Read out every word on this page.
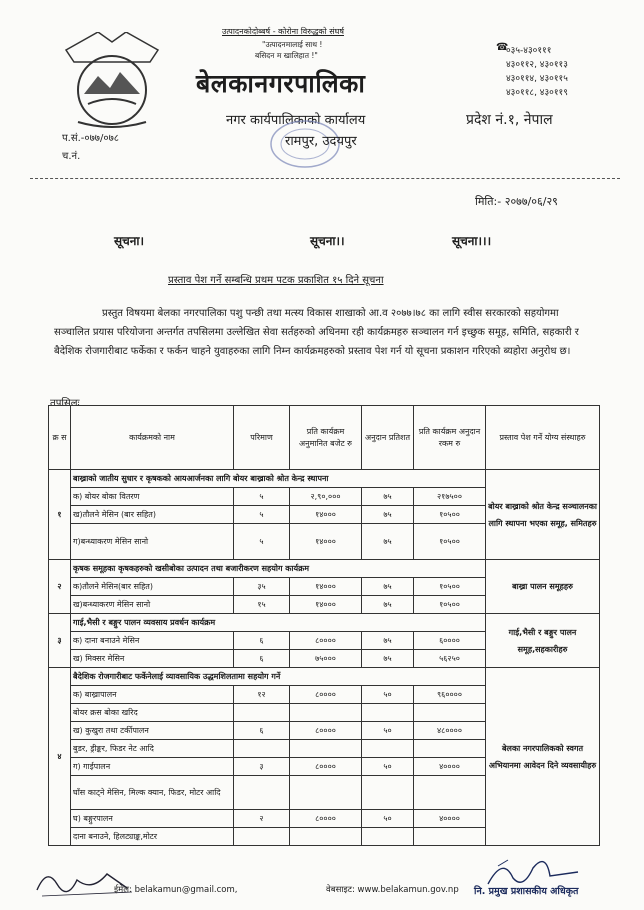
उत्पादनकोदोब्बर्ष - कोरोना विरुद्धको संघर्ष
"उत्पादनमालाई साथ !
बसिदन म खालिहात !"
बेलकानगरपालिका
नगर कार्यपालिकाको कार्यालय
रामपुर, उदयपुर
☎
०३५-४३०१११
४३०११२, ४३०११३
४३०११४, ४३०११५
४३०११८, ४३०११९
प्रदेश नं.१, नेपाल
प.सं.-०७७/०७८
च.नं.
मिति:- २०७७/०६/२९
सूचना।	सूचना।।	सूचना।।।
प्रस्ताव पेश गर्ने सम्बन्धि प्रथम पटक प्रकाशित १५ दिने सूचना
प्रस्तुत विषयमा बेलका नगरपालिका पशु पन्छी तथा मत्स्य विकास शाखाको आ.व २०७७।७८ का लागि स्वीस सरकारको सहयोगमा सञ्चालित प्रयास परियोजना अन्तर्गत तपसिलमा उल्लेखित सेवा सर्तहरुको अधिनमा रही कार्यक्रमहरु सञ्चालन गर्न इच्छुक समूह, समिति, सहकारी र बैदेशिक रोजगारीबाट फर्केका र फर्कन चाहने युवाहरुका लागि निम्न कार्यक्रमहरुको प्रस्ताव पेश गर्न यो सूचना प्रकाशन गरिएको ब्यहोरा अनुरोध छ।
तपसिलः
क्र स	कार्यक्रमको नाम	परिमाण	प्रति कार्यक्रम अनुमानित बजेट रु	अनुदान प्रतिशत	प्रति कार्यक्रम अनुदान रकम रु	प्रस्ताव पेश गर्ने योग्य संस्थाहरु
१	बाख्राको जातीय सुधार र कृषकको आयआर्जनका लागि बोयर बाख्राको श्रोत केन्द्र स्थापना					बोयर बाख्राको श्रोत केन्द्र सञ्चालनका लागि स्थापना भएका समूह, समितहरु
	क) बोयर बोका वितरण	५	२,९०,०००	७५	२१७५००	
	ख)तौलने मेसिन (बार सहित)	५	१४०००	७५	१०५००	
	ग)बन्ध्याकरण मेसिन सानो	५	१४०००	७५	१०५००	
२	कृषक समूहका कृषकहरुको खसीबोका उत्पादन तथा बजारीकरण सहयोग कार्यक्रम					बाख्रा पालन समूहहरु
	क)तौलने मेसिन(बार सहित)	३५	१४०००	७५	१०५००	
	ख)बन्ध्याकरण मेसिन सानो	१५	१४०००	७५	१०५००	
३	गाई,भैसी र बङ्गुर पालन व्यवसाय प्रवर्धन कार्यक्रम					गाई,भैसी र बङ्गुर पालन समूह,सहकारीहरु
	क) दाना बनाउने मेसिन	६	८००००	७५	६००००	
	ख) मिक्सर मेसिन	६	७५०००	७५	५६२५०	
४	बैदेशिक रोजगारीबाट फर्केनेलाई व्यावसायिक उद्धमशिलतामा सहयोग गर्ने					बेलका नगरपालिकको स्वगत अभियानमा आवेदन दिने व्यवसायीहरु
	क) बाख्रापालन	१२	८००००	५०	९६००००	
	बोयर क्रस बोका खरिद					
	ख) कुखुरा तथा टर्कीपालन	६	८००००	५०	४८००००	
	बुडर, ड्रीङ्कर, फिडर नेट आदि					
	ग) गाईपालन	३	८००००	५०	४००००	
	घाँस काट्ने मेसिन, मिल्क क्यान, फिडर, मोटर आदि					
	घ) बङ्गुरपालन	२	८००००	५०	४००००	
	दाना बनाउने, हिलट्याङ्क,मोटर					
ईमेल: belakamun@gmail.com,	वेबसाइट: www.belakamun.gov.np नि. प्रमुख प्रशासकीय अधिकृत
